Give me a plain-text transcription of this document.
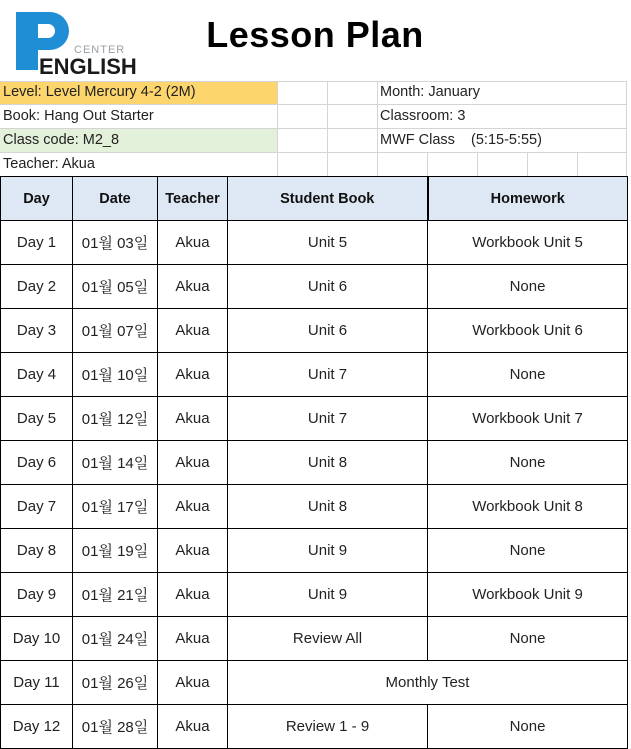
CENTER
ENGLISH
Lesson Plan
Level: Level Mercury 4-2 (2M)
Book: Hang Out Starter
Class code: M2_8
Teacher: Akua
Month: January
Classroom: 3
MWF Class    (5:15-5:55)
Day	Date	Teacher	Student Book	Homework
Day 1	01월 03일	Akua	Unit 5	Workbook Unit 5
Day 2	01월 05일	Akua	Unit 6	None
Day 3	01월 07일	Akua	Unit 6	Workbook Unit 6
Day 4	01월 10일	Akua	Unit 7	None
Day 5	01월 12일	Akua	Unit 7	Workbook Unit 7
Day 6	01월 14일	Akua	Unit 8	None
Day 7	01월 17일	Akua	Unit 8	Workbook Unit 8
Day 8	01월 19일	Akua	Unit 9	None
Day 9	01월 21일	Akua	Unit 9	Workbook Unit 9
Day 10	01월 24일	Akua	Review All	None
Day 11	01월 26일	Akua	Monthly Test	
Day 12	01월 28일	Akua	Review 1 - 9	None
